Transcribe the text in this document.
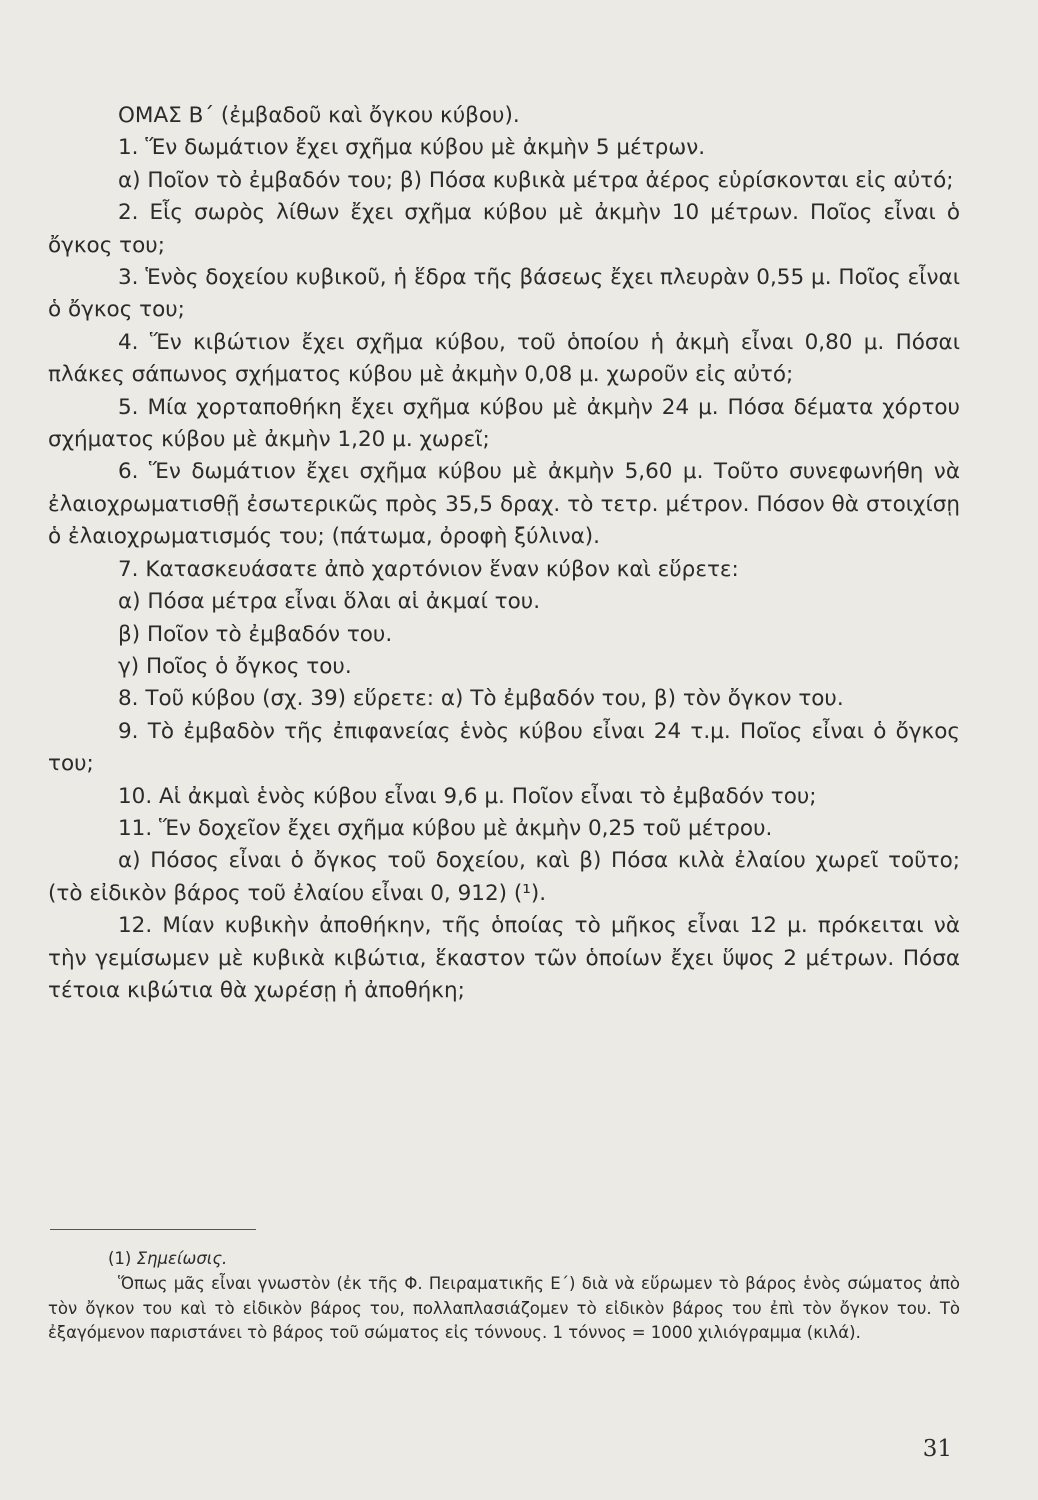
ΟΜΑΣ Β΄ (ἐμβαδοῦ καὶ ὄγκου κύβου).

1. Ἕν δωμάτιον ἔχει σχῆμα κύβου μὲ ἀκμὴν 5 μέτρων.

α) Ποῖον τὸ ἐμβαδόν του; β) Πόσα κυβικὰ μέτρα ἀέρος εὑρίσκονται εἰς αὐτό;

2. Εἷς σωρὸς λίθων ἔχει σχῆμα κύβου μὲ ἀκμὴν 10 μέτρων. Ποῖος εἶναι ὁ ὄγκος του;

3. Ἑνὸς δοχείου κυβικοῦ, ἡ ἕδρα τῆς βάσεως ἔχει πλευρὰν 0,55 μ. Ποῖος εἶναι ὁ ὄγκος του;

4. Ἕν κιβώτιον ἔχει σχῆμα κύβου, τοῦ ὁποίου ἡ ἀκμὴ εἶναι 0,80 μ. Πόσαι πλάκες σάπωνος σχήματος κύβου μὲ ἀκμὴν 0,08 μ. χωροῦν εἰς αὐτό;

5. Μία χορταποθήκη ἔχει σχῆμα κύβου μὲ ἀκμὴν 24 μ. Πόσα δέματα χόρτου σχήματος κύβου μὲ ἀκμὴν 1,20 μ. χωρεῖ;

6. Ἕν δωμάτιον ἔχει σχῆμα κύβου μὲ ἀκμὴν 5,60 μ. Τοῦτο συνεφωνήθη νὰ ἐλαιοχρωματισθῇ ἐσωτερικῶς πρὸς 35,5 δραχ. τὸ τετρ. μέτρον. Πόσον θὰ στοιχίσῃ ὁ ἐλαιοχρωματισμός του; (πάτωμα, ὀροφὴ ξύλινα).

7. Κατασκευάσατε ἀπὸ χαρτόνιον ἕναν κύβον καὶ εὕρετε:

α) Πόσα μέτρα εἶναι ὅλαι αἱ ἀκμαί του.

β) Ποῖον τὸ ἐμβαδόν του.

γ) Ποῖος ὁ ὄγκος του.

8. Τοῦ κύβου (σχ. 39) εὕρετε: α) Τὸ ἐμβαδόν του, β) τὸν ὄγκον του.

9. Τὸ ἐμβαδὸν τῆς ἐπιφανείας ἑνὸς κύβου εἶναι 24 τ.μ. Ποῖος εἶναι ὁ ὄγκος του;

10. Αἱ ἀκμαὶ ἑνὸς κύβου εἶναι 9,6 μ. Ποῖον εἶναι τὸ ἐμβαδόν του;

11. Ἕν δοχεῖον ἔχει σχῆμα κύβου μὲ ἀκμὴν 0,25 τοῦ μέτρου.

α) Πόσος εἶναι ὁ ὄγκος τοῦ δοχείου, καὶ β) Πόσα κιλὰ ἐλαίου χωρεῖ τοῦτο; (τὸ εἰδικὸν βάρος τοῦ ἐλαίου εἶναι 0, 912) (¹).

12. Μίαν κυβικὴν ἀποθήκην, τῆς ὁποίας τὸ μῆκος εἶναι 12 μ. πρόκειται νὰ τὴν γεμίσωμεν μὲ κυβικὰ κιβώτια, ἕκαστον τῶν ὁποίων ἔχει ὕψος 2 μέτρων. Πόσα τέτοια κιβώτια θὰ χωρέσῃ ἡ ἀποθήκη;

(1) Σημείωσις.

Ὅπως μᾶς εἶναι γνωστὸν (ἐκ τῆς Φ. Πειραματικῆς Ε΄) διὰ νὰ εὕρωμεν τὸ βάρος ἑνὸς σώματος ἀπὸ τὸν ὄγκον του καὶ τὸ εἰδικὸν βάρος του, πολλαπλασιάζομεν τὸ εἰδικὸν βάρος του ἐπὶ τὸν ὄγκον του. Τὸ ἐξαγόμενον παριστάνει τὸ βάρος τοῦ σώματος εἰς τόννους. 1 τόννος = 1000 χιλιόγραμμα (κιλά).

31
